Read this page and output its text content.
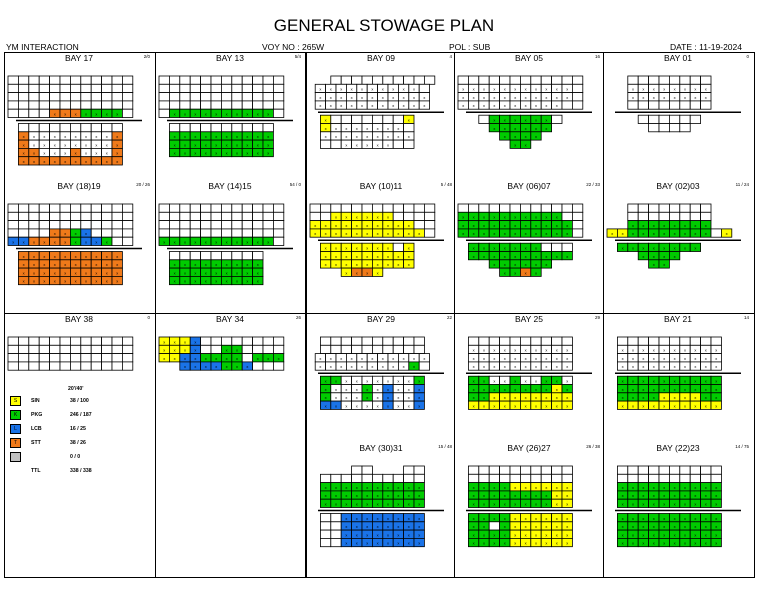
GENERAL STOWAGE PLAN
YM INTERACTION	VOY NO : 265W	POL : SUB	DATE : 11-19-2024
BAY 17	2/0
x x x x x x x
x x x x x x x x x x
x x x x x x x x x x
x x x x x x x x x x
x x x x x x x x x x
BAY 13	5/4
x x x x x x x x x x
x x x x x x x x x x
x x x x x x x x x x
x x x x x x x x x x
BAY 09	4
x x x x x x x x x x
x x x x x x x x x x x
x x x x x x x x x x x
x	x
x x x x x x x x
x x x x x x x x x
x x x x x
BAY 05	16
x x x x x x x x x x x
x x x x x x x x x x x
x x x x x x x x x x
x x x x x x
x x x x x x
x x x x
x x
BAY 01	0
x x x x x x x x
x x x x x x x x
BAY (18)19	20 / 26
x x x x
x x x x x x x x x x
x x x x x x x x x x
x x x x x x x x x x
x x x x x x x x x x
x x x x x x x x x x
BAY (14)15	54 / 0
x x x x x x x x x x x
x x x x x x x x x
x x x x x x x x x
x x x x x x x x x
BAY (10)11	5 / 48
x x x x x x
x x x x x x x x x x
x x x x x x x x x x x
x x x x x x x	x
x x x x x x x x x
x x x x x x x x x
x x x x
BAY (06)07	22 / 33
x x x x x x x x x x
x x x x x x x x x x x
x x x x x x x x x x x
x x x x x x x
x x x x x x x x x x
x x x x x x
x x x x
BAY (02)03	11 / 24
x x x x x x x x
x x x x x x x x x x	x
x x x x x x x x
x x x x
x x
BAY 38	0	BAY 34	26
x x x x
x x x x	x x
x x x x x x x x	x x x
x x x x x x x
BAY 29	22
x x x x x x x x x x x
x x x x x x x x x x
x x x x x x x x x x
x x x x x x x x x x
x x x x x x x x x x
x x x x x x x x x x
BAY 25	29
x x x x x x x x x x
x x x x x x x x x x
x x x x x x x x x x
x x x x x x x x x x
x x x x x x x x x x
x x x x x x x x x x
x x x x x x x x x x
BAY 21	14
x x x x x x x x x x
x x x x x x x x x x
x x x x x x x x x x
x x x x x x x x x x
x x x x x x x x x x
x x x x x x x x x x
x x x x x x x x x x
BAY (30)31	15 / 48
x x x x x x x x x x
x x x x x x x x x x
x x x x x x x x x x
x x x x x x x x
x x x x x x x x
x x x x x x x x
x x x x x x x x
BAY (26)27	26 / 38
x x x x x x x x x x
x x x x x x x x x x
x x x x x x x x x x
x x x x x x x x x x
x x	x x x x x x x
x x x x x x x x x x
x x x x x x x x x x
BAY (22)23	14 / 75
x x x x x x x x x x
x x x x x x x x x x
x x x x x x x x x x
x x x x x x x x x x
x x x x x x x x x x
x x x x x x x x x x
x x x x x x x x x x
20'/40'
S	SIN	38 / 100
K	PKG	246 / 187
L	LCB	16 / 25
T	STT	38 / 26
0 / 0
TTL	338 / 338
